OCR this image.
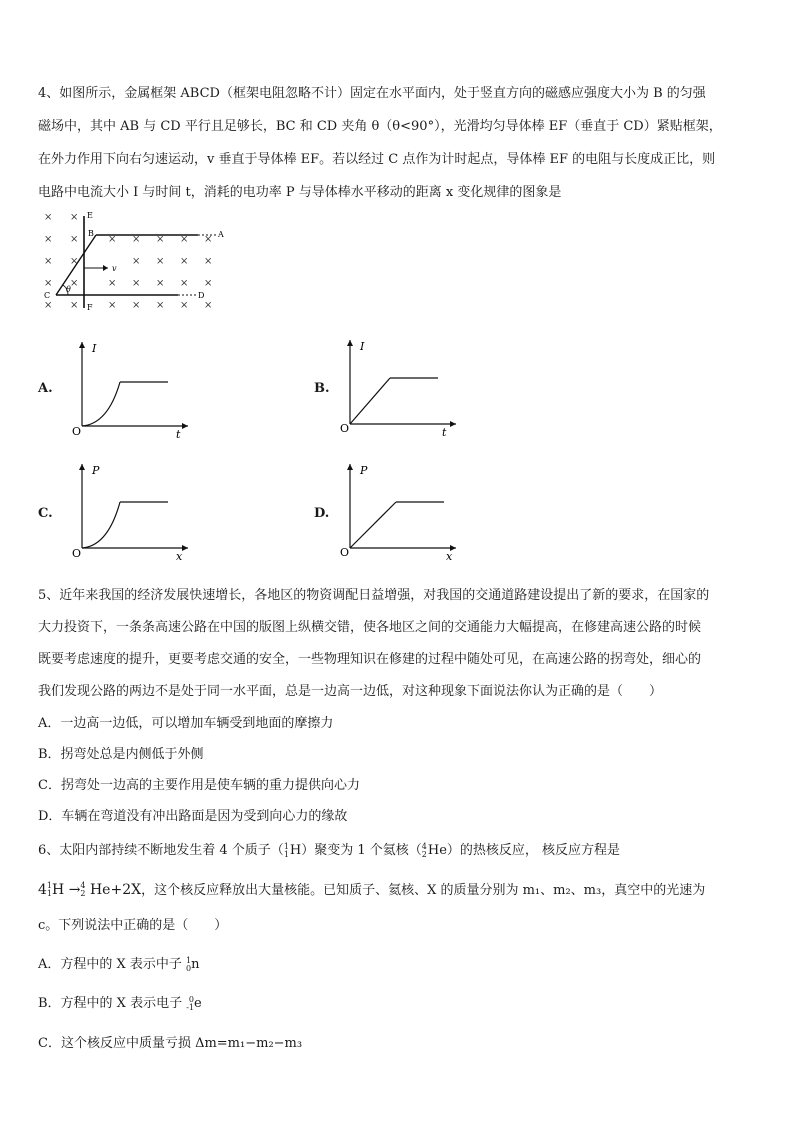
4、如图所示，金属框架 ABCD（框架电阻忽略不计）固定在水平面内，处于竖直方向的磁感应强度大小为 B 的匀强
磁场中，其中 AB 与 CD 平行且足够长，BC 和 CD 夹角 θ（θ<90°），光滑均匀导体棒 EF（垂直于 CD）紧贴框架，
在外力作用下向右匀速运动，v 垂直于导体棒 EF。若以经过 C 点作为计时起点，导体棒 EF 的电阻与长度成正比，则
电路中电流大小 I 与时间 t，消耗的电功率 P 与导体棒水平移动的距离 x 变化规律的图象是
× ×
× ×	× × × × ×
× ×	× × × ×
× ×	× × × × ×
× ×	× × × × ×
θ
v
E
B	A
C	D
F
A.
I
t
O
B.
I
t
O
C.
P
x
O
D.
P
x
O
5、近年来我国的经济发展快速增长，各地区的物资调配日益增强，对我国的交通道路建设提出了新的要求，在国家的
大力投资下，一条条高速公路在中国的版图上纵横交错，使各地区之间的交通能力大幅提高，在修建高速公路的时候
既要考虑速度的提升，更要考虑交通的安全，一些物理知识在修建的过程中随处可见，在高速公路的拐弯处，细心的
我们发现公路的两边不是处于同一水平面，总是一边高一边低，对这种现象下面说法你认为正确的是（　　）
A．一边高一边低，可以增加车辆受到地面的摩擦力
B．拐弯处总是内侧低于外侧
C．拐弯处一边高的主要作用是使车辆的重力提供向心力
D．车辆在弯道没有冲出路面是因为受到向心力的缘故
6、太阳内部持续不断地发生着 4 个质子（ 1
1 H）聚变为 1 个氦核（ 4
2 He）的热核反应， 核反应方程是
4 1
1 H → 4
2 He+2X，这个核反应释放出大量核能。已知质子、氦核、X 的质量分别为 m₁、m₂、m₃，真空中的光速为
c。下列说法中正确的是（　　）
A．方程中的 X 表示中子 1
0 n
B．方程中的 X 表示电子 0
-1 e
C．这个核反应中质量亏损 Δm=m₁−m₂−m₃
